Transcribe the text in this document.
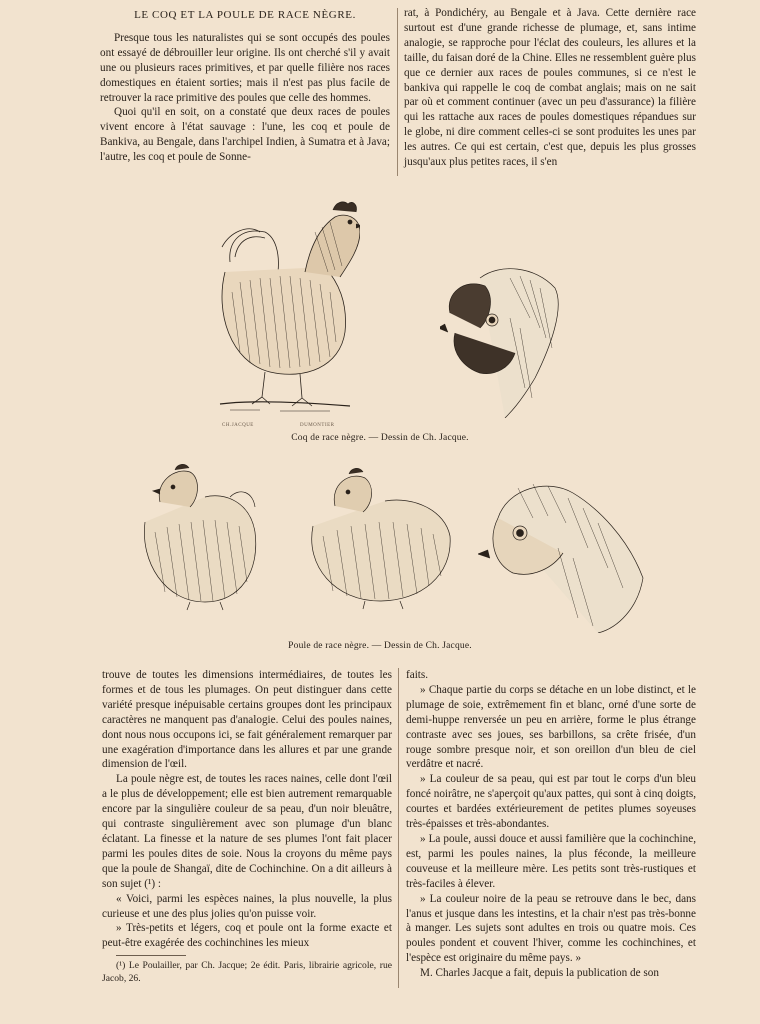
LE COQ ET LA POULE DE RACE NÈGRE.

Presque tous les naturalistes qui se sont occupés des poules ont essayé de débrouiller leur origine. Ils ont cherché s'il y avait une ou plusieurs races primitives, et par quelle filière nos races domestiques en étaient sorties; mais il n'est pas plus facile de retrouver la race primitive des poules que celle des hommes.

Quoi qu'il en soit, on a constaté que deux races de poules vivent encore à l'état sauvage : l'une, les coq et poule de Bankiva, au Bengale, dans l'archipel Indien, à Sumatra et à Java; l'autre, les coq et poule de Sonne-

rat, à Pondichéry, au Bengale et à Java. Cette dernière race surtout est d'une grande richesse de plumage, et, sans intime analogie, se rapproche pour l'éclat des couleurs, les allures et la taille, du faisan doré de la Chine. Elles ne ressemblent guère plus que ce dernier aux races de poules communes, si ce n'est le bankiva qui rappelle le coq de combat anglais; mais on ne sait par où et comment continuer (avec un peu d'assurance) la filière qui les rattache aux races de poules domestiques répandues sur le globe, ni dire comment celles-ci se sont produites les unes par les autres. Ce qui est certain, c'est que, depuis les plus grosses jusqu'aux plus petites races, il s'en

CH.JACQUE	DUMONTIER
Coq de race nègre. — Dessin de Ch. Jacque.
Poule de race nègre. — Dessin de Ch. Jacque.

trouve de toutes les dimensions intermédiaires, de toutes les formes et de tous les plumages. On peut distinguer dans cette variété presque inépuisable certains groupes dont les principaux caractères ne manquent pas d'analogie. Celui des poules naines, dont nous nous occupons ici, se fait généralement remarquer par une exagération d'importance dans les allures et par une grande dimension de l'œil.

La poule nègre est, de toutes les races naines, celle dont l'œil a le plus de développement; elle est bien autrement remarquable encore par la singulière couleur de sa peau, d'un noir bleuâtre, qui contraste singulièrement avec son plumage d'un blanc éclatant. La finesse et la nature de ses plumes l'ont fait placer parmi les poules dites de soie. Nous la croyons du même pays que la poule de Shangaï, dite de Cochinchine. On a dit ailleurs à son sujet (¹) :

« Voici, parmi les espèces naines, la plus nouvelle, la plus curieuse et une des plus jolies qu'on puisse voir.

» Très-petits et légers, coq et poule ont la forme exacte et peut-être exagérée des cochinchines les mieux

(¹) Le Poulailler, par Ch. Jacque; 2e édit. Paris, librairie agricole, rue Jacob, 26.

faits.

» Chaque partie du corps se détache en un lobe distinct, et le plumage de soie, extrêmement fin et blanc, orné d'une sorte de demi-huppe renversée un peu en arrière, forme le plus étrange contraste avec ses joues, ses barbillons, sa crête frisée, d'un rouge sombre presque noir, et son oreillon d'un bleu de ciel verdâtre et nacré.

» La couleur de sa peau, qui est par tout le corps d'un bleu foncé noirâtre, ne s'aperçoit qu'aux pattes, qui sont à cinq doigts, courtes et bardées extérieurement de petites plumes soyeuses très-épaisses et très-abondantes.

» La poule, aussi douce et aussi familière que la cochinchine, est, parmi les poules naines, la plus féconde, la meilleure couveuse et la meilleure mère. Les petits sont très-rustiques et très-faciles à élever.

» La couleur noire de la peau se retrouve dans le bec, dans l'anus et jusque dans les intestins, et la chair n'est pas très-bonne à manger. Les sujets sont adultes en trois ou quatre mois. Ces poules pondent et couvent l'hiver, comme les cochinchines, et l'espèce est originaire du même pays. »

M. Charles Jacque a fait, depuis la publication de son
